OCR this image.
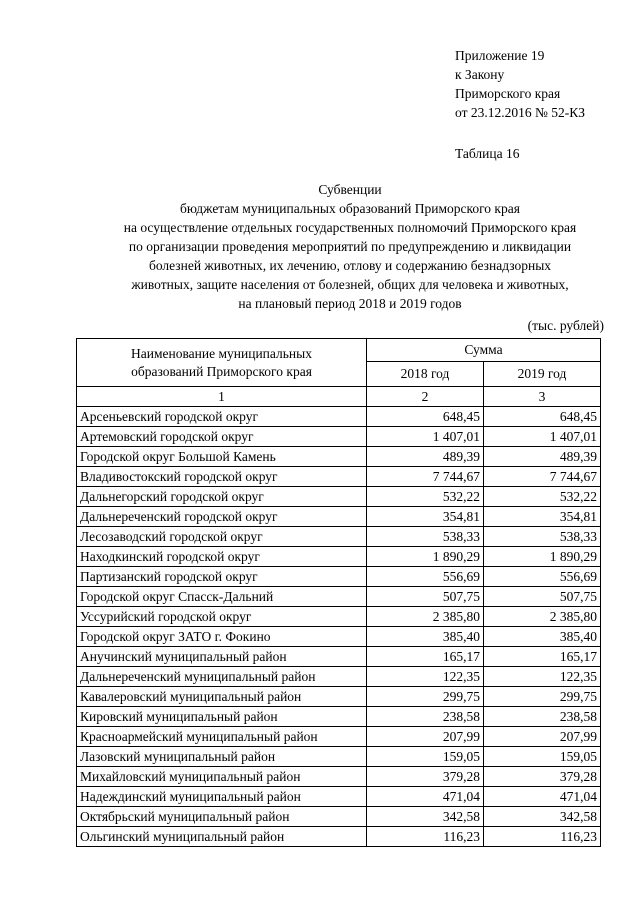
Приложение 19
к Закону
Приморского края
от 23.12.2016 № 52-КЗ
Таблица 16
Субвенции
бюджетам муниципальных образований Приморского края
на осуществление отдельных государственных полномочий Приморского края
по организации проведения мероприятий по предупреждению и ликвидации
болезней животных, их лечению, отлову и содержанию безнадзорных
животных, защите населения от болезней, общих для человека и животных,
на плановый период 2018 и 2019 годов
(тыс. рублей)
Наименование муниципальных
образований Приморского края	Сумма	
	2018 год	2019 год
1	2	3
Арсеньевский городской округ	648,45	648,45
Артемовский городской округ	1 407,01	1 407,01
Городской округ Большой Камень	489,39	489,39
Владивостокский городской округ	7 744,67	7 744,67
Дальнегорский городской округ	532,22	532,22
Дальнереченский городской округ	354,81	354,81
Лесозаводский городской округ	538,33	538,33
Находкинский городской округ	1 890,29	1 890,29
Партизанский городской округ	556,69	556,69
Городской округ Спасск-Дальний	507,75	507,75
Уссурийский городской округ	2 385,80	2 385,80
Городской округ ЗАТО г. Фокино	385,40	385,40
Анучинский муниципальный район	165,17	165,17
Дальнереченский муниципальный район	122,35	122,35
Кавалеровский муниципальный район	299,75	299,75
Кировский муниципальный район	238,58	238,58
Красноармейский муниципальный район	207,99	207,99
Лазовский муниципальный район	159,05	159,05
Михайловский муниципальный район	379,28	379,28
Надеждинский муниципальный район	471,04	471,04
Октябрьский муниципальный район	342,58	342,58
Ольгинский муниципальный район	116,23	116,23
